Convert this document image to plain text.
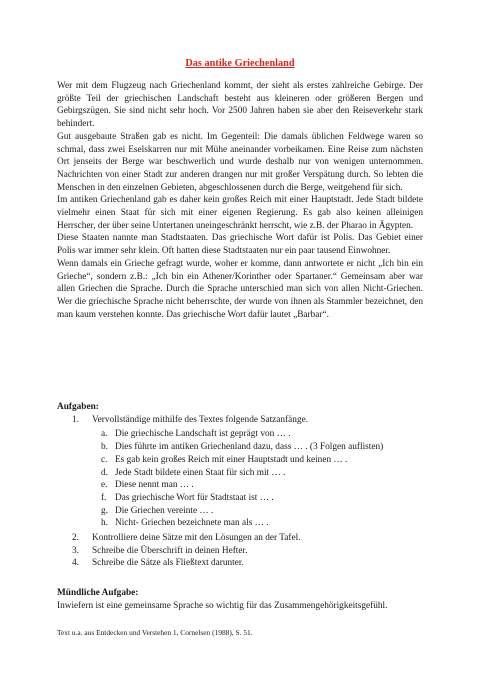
Das antike Griechenland

Wer mit dem Flugzeug nach Griechenland kommt, der sieht als erstes zahlreiche Gebirge. Der größte Teil der griechischen Landschaft besteht aus kleineren oder größeren Bergen und Gebirgszügen. Sie sind nicht sehr hoch. Vor 2500 Jahren haben sie aber den Reiseverkehr stark behindert.

Gut ausgebaute Straßen gab es nicht. Im Gegenteil: Die damals üblichen Feldwege waren so schmal, dass zwei Eselskarren nur mit Mühe aneinander vorbeikamen. Eine Reise zum nächsten Ort jenseits der Berge war beschwerlich und wurde deshalb nur von wenigen unternommen. Nachrichten von einer Stadt zur anderen drangen nur mit großer Verspätung durch. So lebten die Menschen in den einzelnen Gebieten, abgeschlossenen durch die Berge, weitgehend für sich.

Im antiken Griechenland gab es daher kein großes Reich mit einer Hauptstadt. Jede Stadt bildete vielmehr einen Staat für sich mit einer eigenen Regierung. Es gab also keinen alleinigen Herrscher, der über seine Untertanen uneingeschränkt herrscht, wie z.B. der Pharao in Ägypten.

Diese Staaten nannte man Stadtstaaten. Das griechische Wort dafür ist Polis. Das Gebiet einer Polis war immer sehr klein. Oft hatten diese Stadtstaaten nur ein paar tausend Einwohner.

Wenn damals ein Grieche gefragt wurde, woher er komme, dann antwortete er nicht „Ich bin ein Grieche“, sondern z.B.: „Ich bin ein Athener/Korinther oder Spartaner.“ Gemeinsam aber war allen Griechen die Sprache. Durch die Sprache unterschied man sich von allen Nicht-Griechen. Wer die griechische Sprache nicht beherrschte, der wurde von ihnen als Stammler bezeichnet, den man kaum verstehen konnte. Das griechische Wort dafür lautet „Barbar“.

Aufgaben:
1. Vervollständige mithilfe des Textes folgende Satzanfänge.
a. Die griechische Landschaft ist geprägt von … .
b. Dies führte im antiken Griechenland dazu, dass … . (3 Folgen auflisten)
c. Es gab kein großes Reich mit einer Hauptstadt und keinen … .
d. Jede Stadt bildete einen Staat für sich mit … .
e. Diese nennt man … .
f. Das griechische Wort für Stadtstaat ist … .
g. Die Griechen vereinte … .
h. Nicht- Griechen bezeichnete man als … .
2. Kontrolliere deine Sätze mit den Lösungen an der Tafel.
3. Schreibe die Überschrift in deinen Hefter.
4. Schreibe die Sätze als Fließtext darunter.
Mündliche Aufgabe:
Inwiefern ist eine gemeinsame Sprache so wichtig für das Zusammengehörigkeitsgefühl.
Text u.a. aus Entdecken und Verstehen 1, Cornelsen (1988), S. 51.
